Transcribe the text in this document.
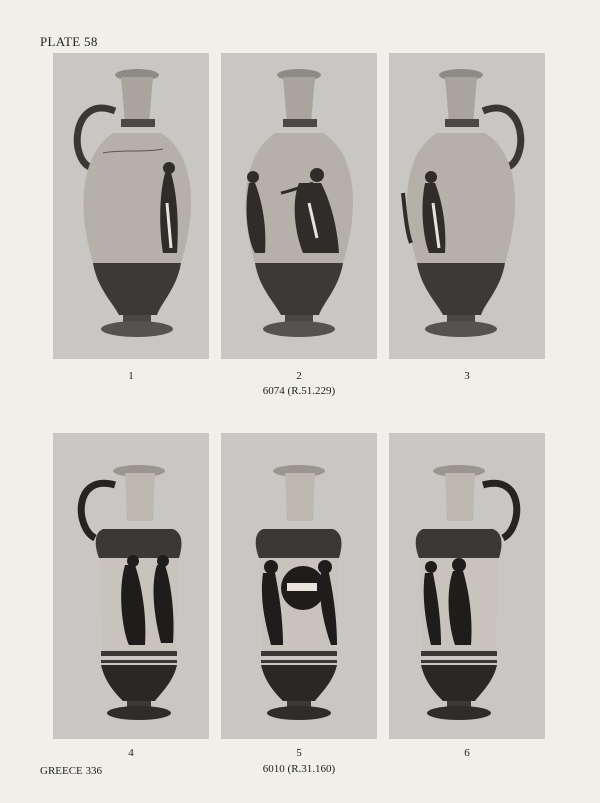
PLATE 58
1	2	3
6074 (R.51.229)
4	5	6
6010 (R.31.160)
GREECE 336
